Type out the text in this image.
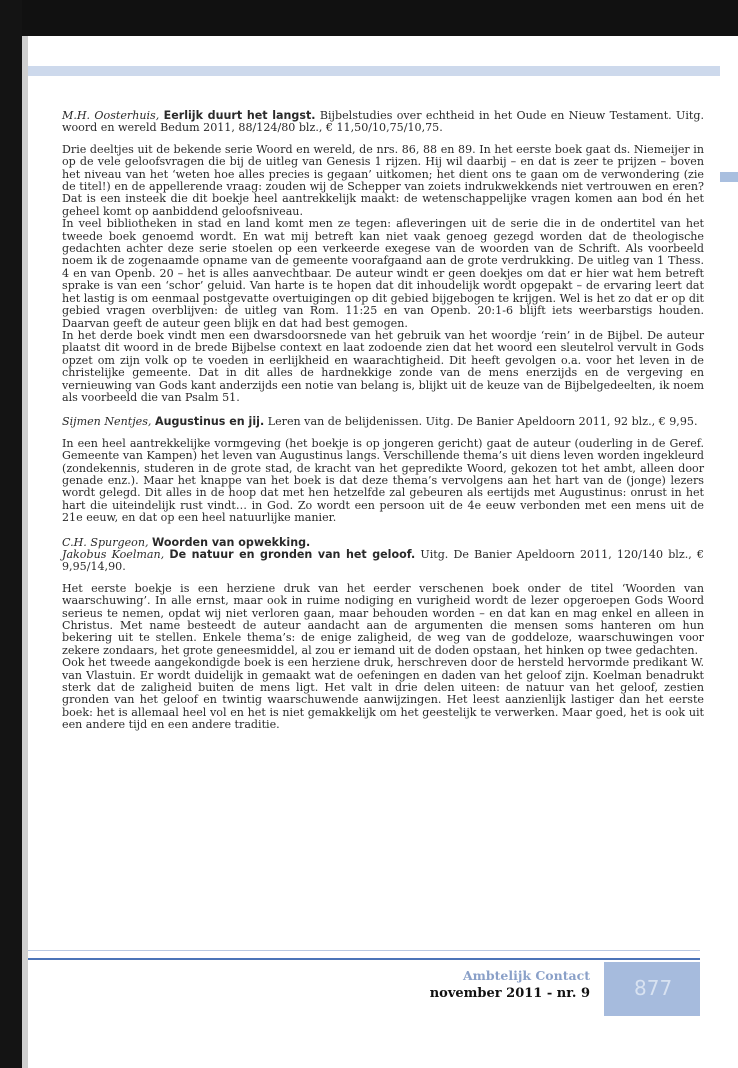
M.H. Oosterhuis, Eerlijk duurt het langst. Bijbelstudies over echtheid in het Oude en Nieuw Testament. Uitg. woord en wereld Bedum 2011, 88/124/80 blz., € 11,50/10,75/10,75.

Drie deeltjes uit de bekende serie Woord en wereld, de nrs. 86, 88 en 89. In het eerste boek gaat ds. Niemeijer in op de vele geloofsvragen die bij de uitleg van Genesis 1 rijzen. Hij wil daarbij – en dat is zeer te prijzen – boven het niveau van het ‘weten hoe alles precies is gegaan’ uitkomen; het dient ons te gaan om de verwondering (zie de titel!) en de appellerende vraag: zouden wij de Schepper van zoiets indrukwekkends niet vertrouwen en eren? Dat is een insteek die dit boekje heel aantrekkelijk maakt: de wetenschappelijke vragen komen aan bod én het geheel komt op aanbiddend geloofsniveau.

In veel bibliotheken in stad en land komt men ze tegen: afleveringen uit de serie die in de ondertitel van het tweede boek genoemd wordt. En wat mij betreft kan niet vaak genoeg gezegd worden dat de theologische gedachten achter deze serie stoelen op een verkeerde exegese van de woorden van de Schrift. Als voorbeeld noem ik de zogenaamde opname van de gemeente voorafgaand aan de grote verdrukking. De uitleg van 1 Thess. 4 en van Openb. 20 – het is alles aanvechtbaar. De auteur windt er geen doekjes om dat er hier wat hem betreft sprake is van een ‘schor’ geluid. Van harte is te hopen dat dit inhoudelijk wordt opgepakt – de ervaring leert dat het lastig is om eenmaal postgevatte overtuigingen op dit gebied bijgebogen te krijgen. Wel is het zo dat er op dit gebied vragen overblijven: de uitleg van Rom. 11:25 en van Openb. 20:1-6 blijft iets weerbarstigs houden. Daarvan geeft de auteur geen blijk en dat had best gemogen.

In het derde boek vindt men een dwarsdoorsnede van het gebruik van het woordje ‘rein’ in de Bijbel. De auteur plaatst dit woord in de brede Bijbelse context en laat zodoende zien dat het woord een sleutelrol vervult in Gods opzet om zijn volk op te voeden in eerlijkheid en waarachtigheid. Dit heeft gevolgen o.a. voor het leven in de christelijke gemeente. Dat in dit alles de hardnekkige zonde van de mens enerzijds en de vergeving en vernieuwing van Gods kant anderzijds een notie van belang is, blijkt uit de keuze van de Bijbelgedeelten, ik noem als voorbeeld die van Psalm 51.

Sijmen Nentjes, Augustinus en jij. Leren van de belijdenissen. Uitg. De Banier Apeldoorn 2011, 92 blz., € 9,95.

In een heel aantrekkelijke vormgeving (het boekje is op jongeren gericht) gaat de auteur (ouderling in de Geref. Gemeente van Kampen) het leven van Augustinus langs. Verschillende thema’s uit diens leven worden ingekleurd (zondekennis, studeren in de grote stad, de kracht van het gepredikte Woord, gekozen tot het ambt, alleen door genade enz.). Maar het knappe van het boek is dat deze thema’s vervolgens aan het hart van de (jonge) lezers wordt gelegd. Dit alles in de hoop dat met hen hetzelfde zal gebeuren als eertijds met Augustinus: onrust in het hart die uiteindelijk rust vindt… in God. Zo wordt een persoon uit de 4e eeuw verbonden met een mens uit de 21e eeuw, en dat op een heel natuurlijke manier.

C.H. Spurgeon, Woorden van opwekking.

Jakobus Koelman, De natuur en gronden van het geloof. Uitg. De Banier Apeldoorn 2011, 120/140 blz., € 9,95/14,90.

Het eerste boekje is een herziene druk van het eerder verschenen boek onder de titel ‘Woorden van waarschuwing’. In alle ernst, maar ook in ruime nodiging en vurigheid wordt de lezer opgeroepen Gods Woord serieus te nemen, opdat wij niet verloren gaan, maar behouden worden – en dat kan en mag enkel en alleen in Christus. Met name besteedt de auteur aandacht aan de argumenten die mensen soms hanteren om hun bekering uit te stellen. Enkele thema’s: de enige zaligheid, de weg van de goddeloze, waarschuwingen voor zekere zondaars, het grote geneesmiddel, al zou er iemand uit de doden opstaan, het hinken op twee gedachten.

Ook het tweede aangekondigde boek is een herziene druk, herschreven door de hersteld hervormde predikant W. van Vlastuin. Er wordt duidelijk in gemaakt wat de oefeningen en daden van het geloof zijn. Koelman benadrukt sterk dat de zaligheid buiten de mens ligt. Het valt in drie delen uiteen: de natuur van het geloof, zestien gronden van het geloof en twintig waarschuwende aanwijzingen. Het leest aanzienlijk lastiger dan het eerste boek: het is allemaal heel vol en het is niet gemakkelijk om het geestelijk te verwerken. Maar goed, het is ook uit een andere tijd en een andere traditie.

Ambtelijk Contact
november 2011 - nr. 9 877
